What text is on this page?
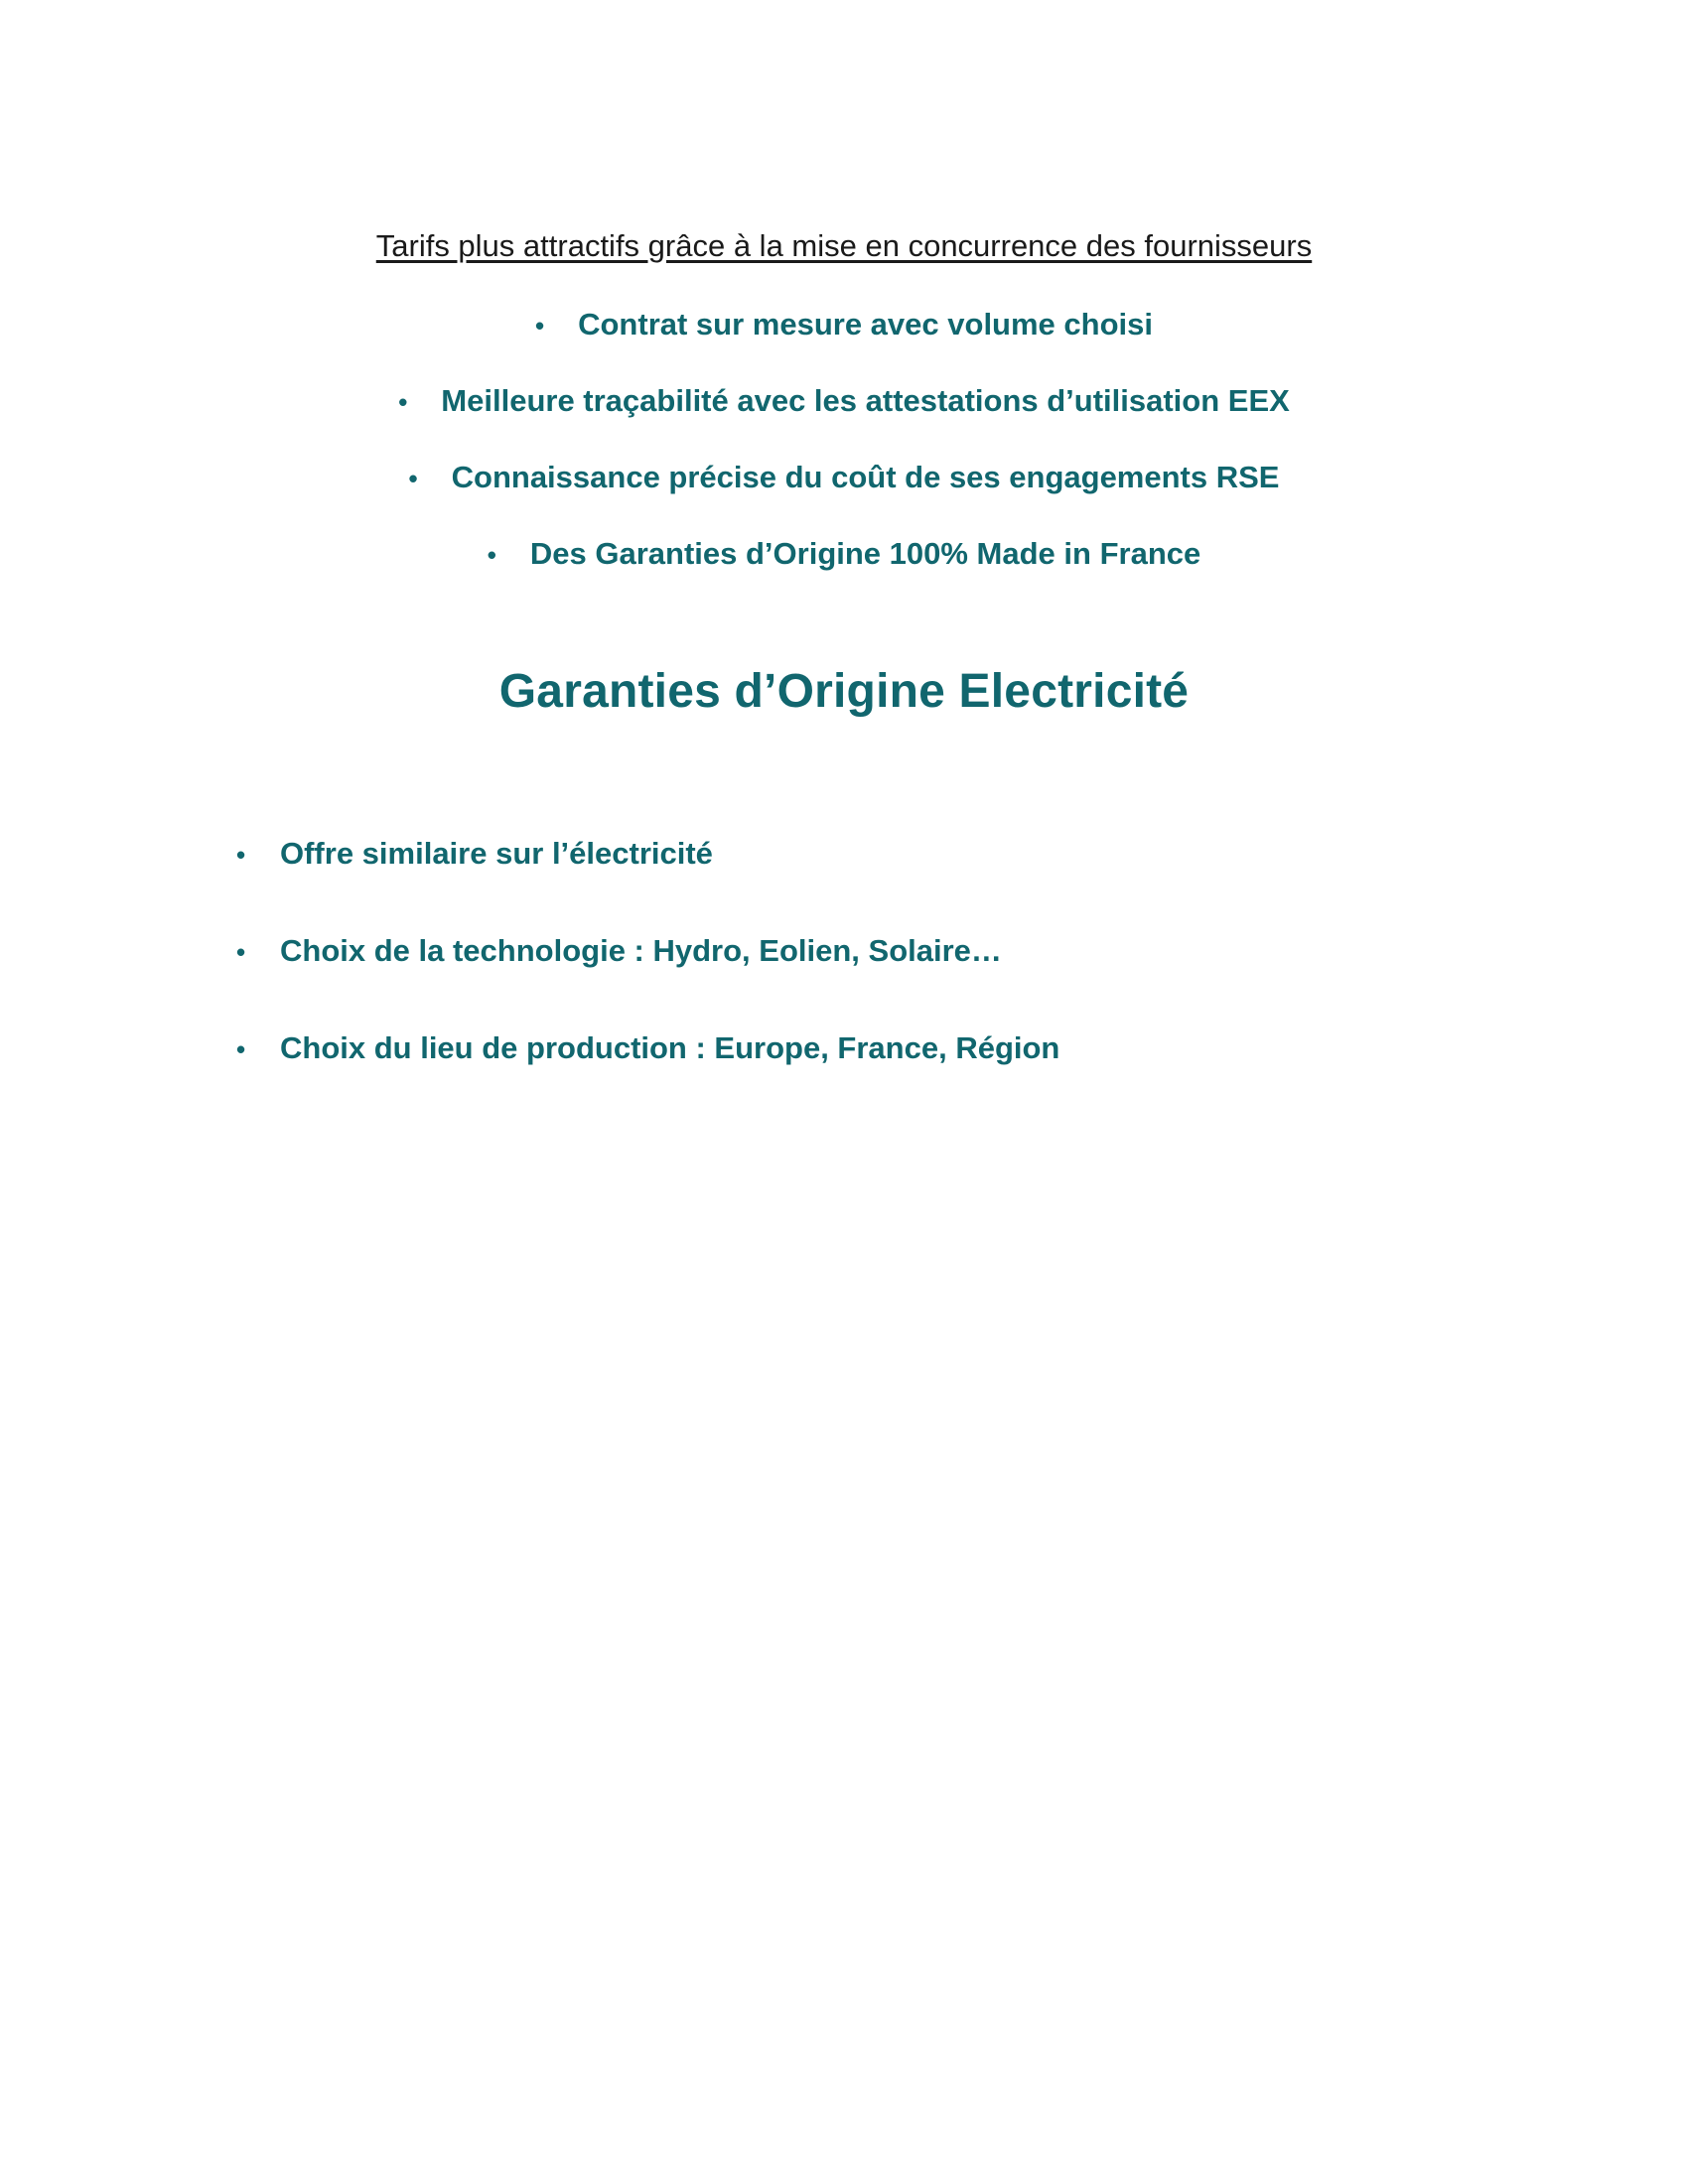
Tarifs plus attractifs grâce à la mise en concurrence des fournisseurs

• Contrat sur mesure avec volume choisi
• Meilleure traçabilité avec les attestations d’utilisation EEX
• Connaissance précise du coût de ses engagements RSE
• Des Garanties d’Origine 100% Made in France
Garanties d’Origine Electricité
•	Offre similaire sur l’électricité
•	Choix de la technologie : Hydro, Eolien, Solaire…
•	Choix du lieu de production : Europe, France, Région
